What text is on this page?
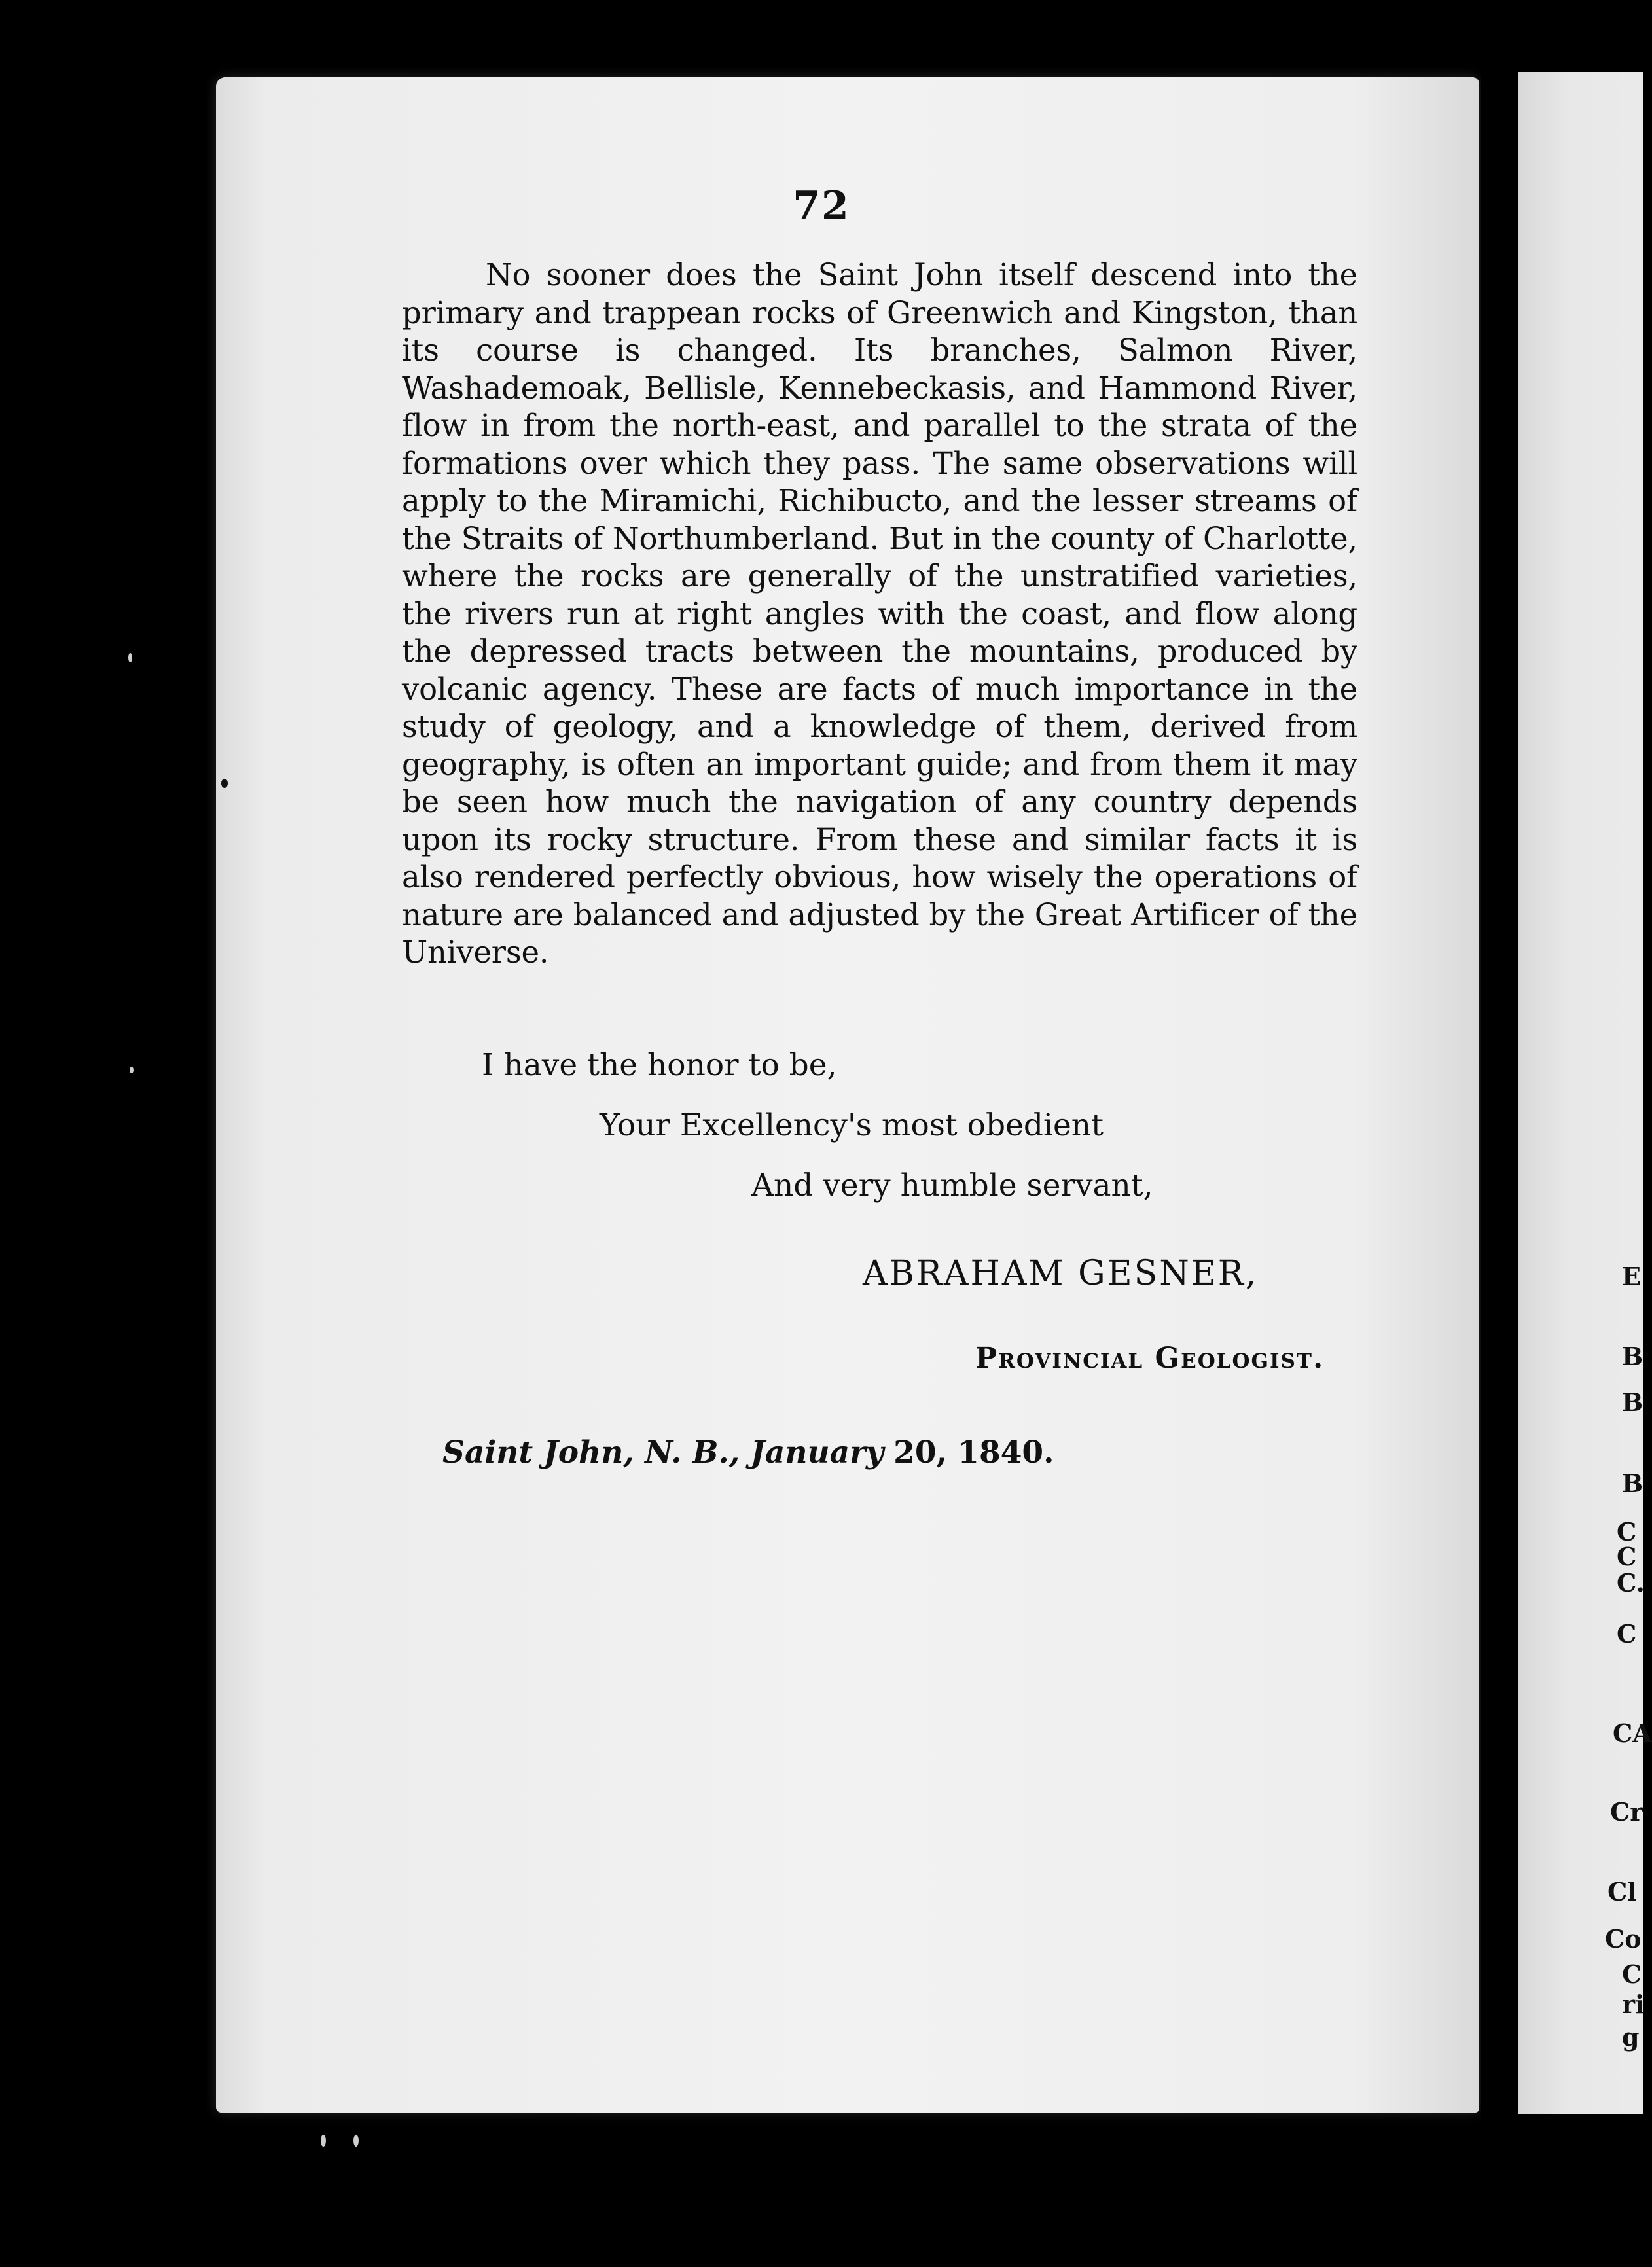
72
No sooner does the Saint John itself descend into the primary and trappean rocks of Greenwich and Kingston, than its course is changed. Its branches, Salmon River, Washademoak, Bellisle, Kennebeckasis, and Hammond River, flow in from the north-east, and parallel to the strata of the formations over which they pass. The same observations will apply to the Miramichi, Richibucto, and the lesser streams of the Straits of Northumberland. But in the county of Charlotte, where the rocks are generally of the unstratified varieties, the rivers run at right angles with the coast, and flow along the depressed tracts between the mountains, produced by volcanic agency. These are facts of much importance in the study of geology, and a knowledge of them, derived from geography, is often an important guide; and from them it may be seen how much the navigation of any country depends upon its rocky structure. From these and similar facts it is also rendered perfectly obvious, how wisely the operations of nature are balanced and adjusted by the Great Artificer of the Universe.
I have the honor to be,
Your Excellency's most obedient
And very humble servant,
ABRAHAM GESNER,
Provincial Geologist.
Saint John, N. B., January 20, 1840.
E
B
B
B
C
C
C.
C
CA
Cr
Cl
Co
C
ri
g
